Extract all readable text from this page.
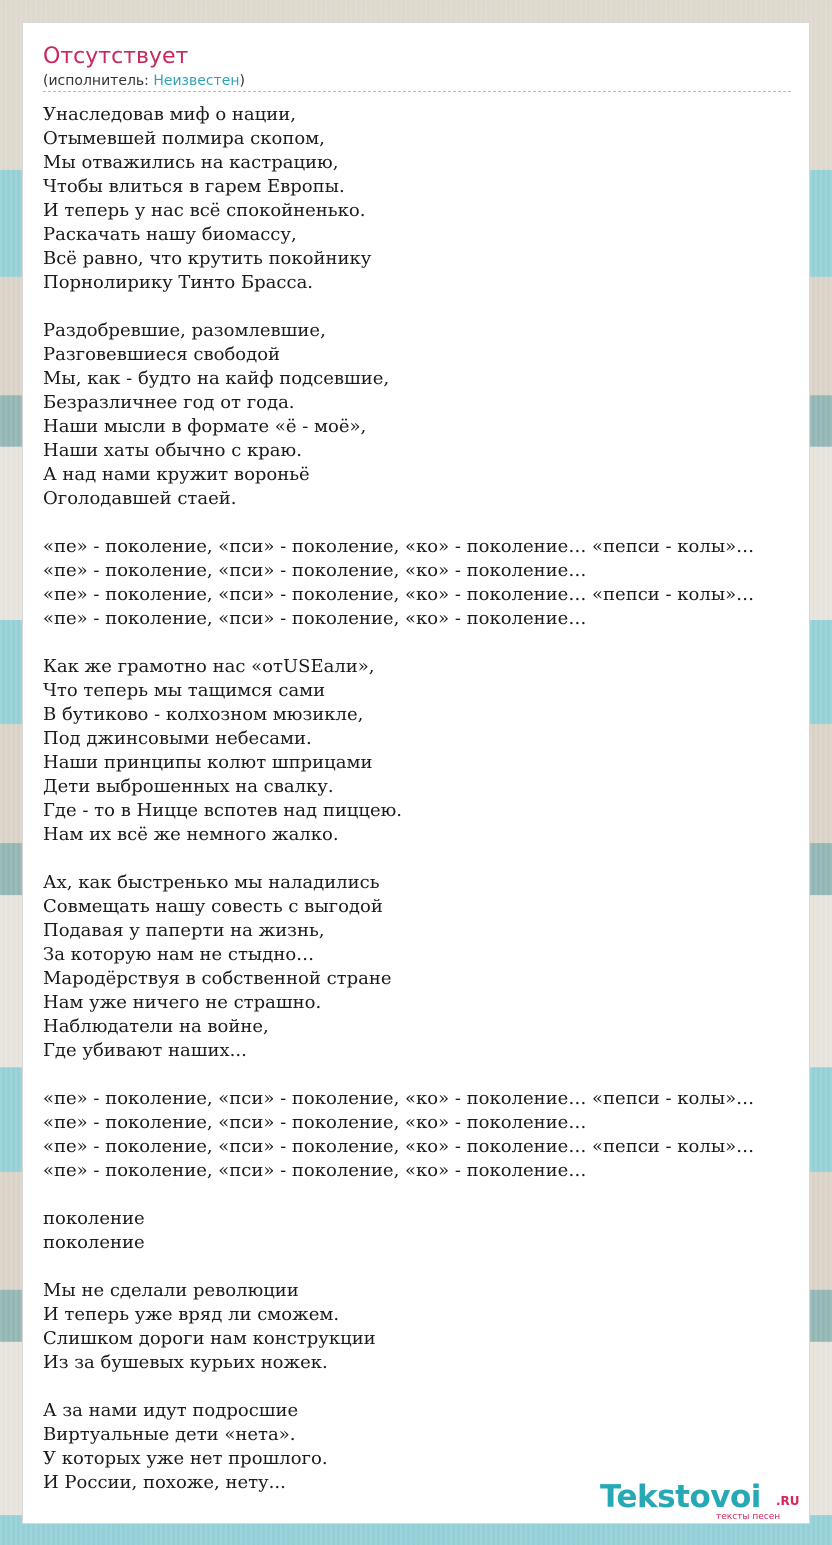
Отсутствует
(исполнитель: Неизвестен)
Унаследовав миф о нации,
Отымевшей полмира скопом,
Мы отважились на кастрацию,
Чтобы влиться в гарем Европы.
И теперь у нас всё спокойненько.
Раскачать нашу биомассу,
Всё равно, что крутить покойнику
Порнолирику Тинто Брасса.
Раздобревшие, разомлевшие,
Разговевшиеся свободой
Мы, как - будто на кайф подсевшие,
Безразличнее год от года.
Наши мысли в формате «ё - моё»,
Наши хаты обычно с краю.
А над нами кружит вороньё
Оголодавшей стаей.
«пе» - поколение, «пси» - поколение, «ко» - поколение… «пепси - колы»…
«пе» - поколение, «пси» - поколение, «ко» - поколение…
«пе» - поколение, «пси» - поколение, «ко» - поколение… «пепси - колы»…
«пе» - поколение, «пси» - поколение, «ко» - поколение…
Как же грамотно нас «отUSEали»,
Что теперь мы тащимся сами
В бутиково - колхозном мюзикле,
Под джинсовыми небесами.
Наши принципы колют шприцами
Дети выброшенных на свалку.
Где - то в Ницце вспотев над пиццею.
Нам их всё же немного жалко.
Ах, как быстренько мы наладились
Совмещать нашу совесть с выгодой
Подавая у паперти на жизнь,
За которую нам не стыдно…
Мародёрствуя в собственной стране
Нам уже ничего не страшно.
Наблюдатели на войне,
Где убивают наших...
«пе» - поколение, «пси» - поколение, «ко» - поколение… «пепси - колы»…
«пе» - поколение, «пси» - поколение, «ко» - поколение…
«пе» - поколение, «пси» - поколение, «ко» - поколение… «пепси - колы»…
«пе» - поколение, «пси» - поколение, «ко» - поколение…
поколение
поколение
Мы не сделали революции
И теперь уже вряд ли сможем.
Слишком дороги нам конструкции
Из за бушевых курьих ножек.
А за нами идут подросшие
Виртуальные дети «нета».
У которых уже нет прошлого.
И России, похоже, нету...	Tekstovoi .RU
тексты песен
